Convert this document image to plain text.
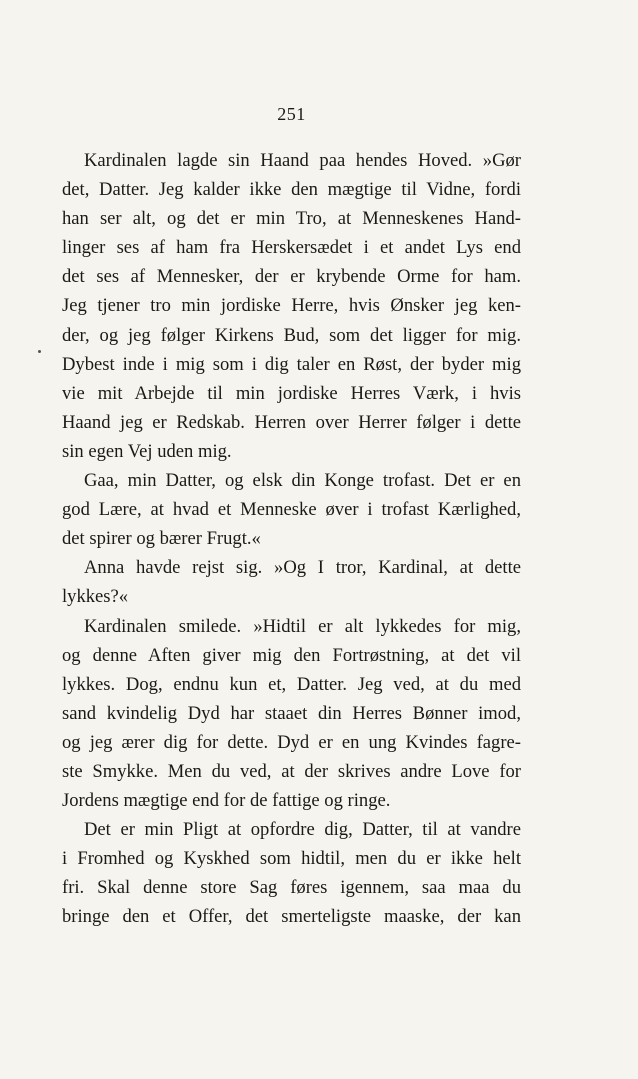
251
Kardinalen lagde sin Haand paa hendes Hoved. »Gør
det, Datter. Jeg kalder ikke den mægtige til Vidne, fordi
han ser alt, og det er min Tro, at Menneskenes Hand-
linger ses af ham fra Herskersædet i et andet Lys end
det ses af Mennesker, der er krybende Orme for ham.
Jeg tjener tro min jordiske Herre, hvis Ønsker jeg ken-
der, og jeg følger Kirkens Bud, som det ligger for mig.
Dybest inde i mig som i dig taler en Røst, der byder mig
vie mit Arbejde til min jordiske Herres Værk, i hvis
Haand jeg er Redskab. Herren over Herrer følger i dette
sin egen Vej uden mig.
Gaa, min Datter, og elsk din Konge trofast. Det er en
god Lære, at hvad et Menneske øver i trofast Kærlighed,
det spirer og bærer Frugt.«
Anna havde rejst sig. »Og I tror, Kardinal, at dette
lykkes?«
Kardinalen smilede. »Hidtil er alt lykkedes for mig,
og denne Aften giver mig den Fortrøstning, at det vil
lykkes. Dog, endnu kun et, Datter. Jeg ved, at du med
sand kvindelig Dyd har staaet din Herres Bønner imod,
og jeg ærer dig for dette. Dyd er en ung Kvindes fagre-
ste Smykke. Men du ved, at der skrives andre Love for
Jordens mægtige end for de fattige og ringe.
Det er min Pligt at opfordre dig, Datter, til at vandre
i Fromhed og Kyskhed som hidtil, men du er ikke helt
fri. Skal denne store Sag føres igennem, saa maa du
bringe den et Offer, det smerteligste maaske, der kan
